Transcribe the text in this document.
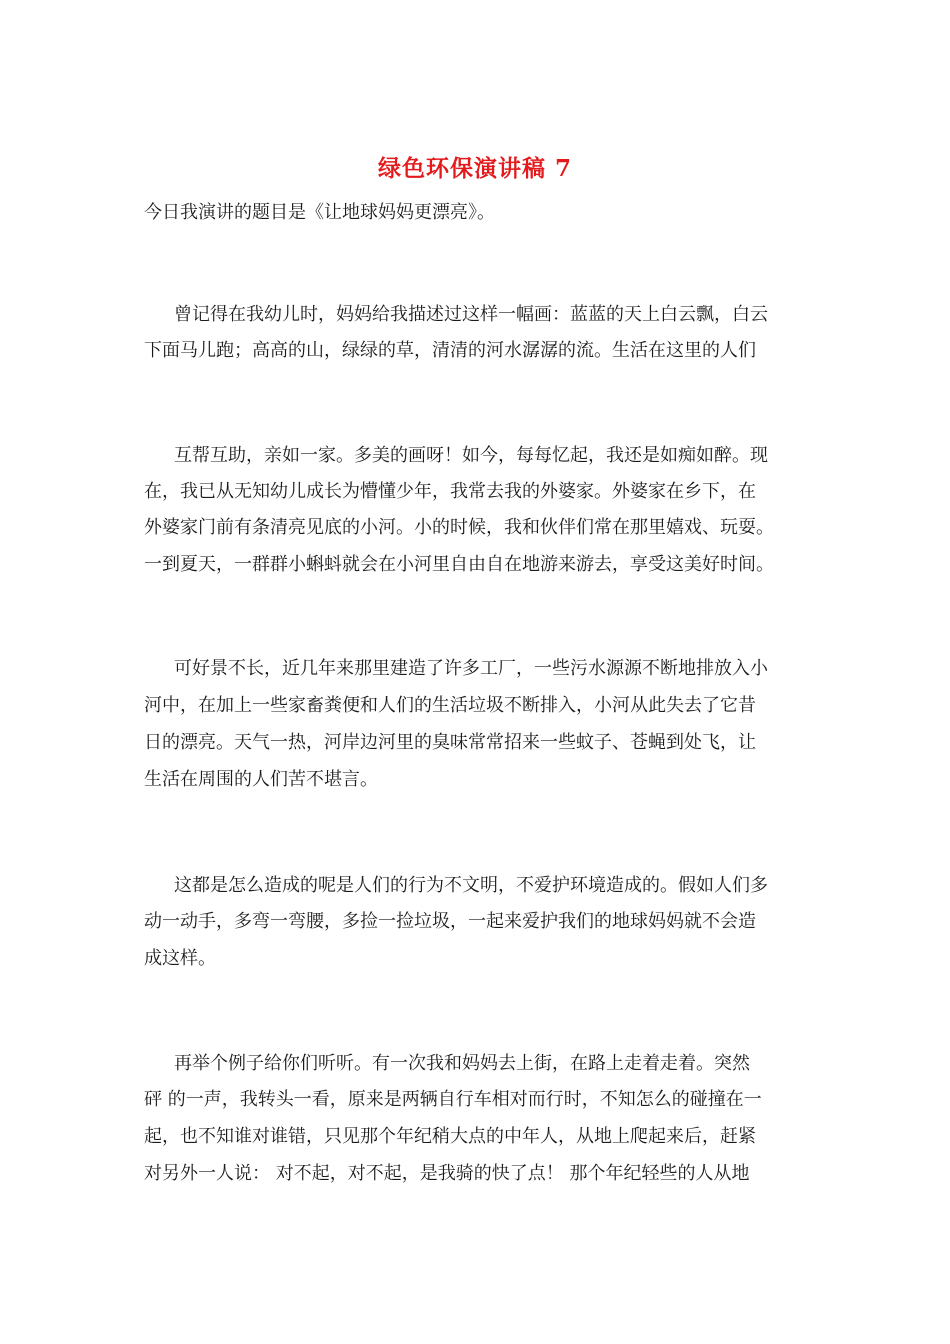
绿色环保演讲稿 7
今日我演讲的题目是《让地球妈妈更漂亮》。
曾记得在我幼儿时，妈妈给我描述过这样一幅画：蓝蓝的天上白云飘，白云
下面马儿跑；高高的山，绿绿的草，清清的河水潺潺的流。生活在这里的人们
互帮互助，亲如一家。多美的画呀！如今，每每忆起，我还是如痴如醉。现
在，我已从无知幼儿成长为懵懂少年，我常去我的外婆家。外婆家在乡下，在
外婆家门前有条清亮见底的小河。小的时候，我和伙伴们常在那里嬉戏、玩耍。
一到夏天，一群群小蝌蚪就会在小河里自由自在地游来游去，享受这美好时间。
可好景不长，近几年来那里建造了许多工厂，一些污水源源不断地排放入小
河中，在加上一些家畜粪便和人们的生活垃圾不断排入，小河从此失去了它昔
日的漂亮。天气一热，河岸边河里的臭味常常招来一些蚊子、苍蝇到处飞，让
生活在周围的人们苦不堪言。
这都是怎么造成的呢是人们的行为不文明，不爱护环境造成的。假如人们多
动一动手，多弯一弯腰，多捡一捡垃圾，一起来爱护我们的地球妈妈就不会造
成这样。
再举个例子给你们听听。有一次我和妈妈去上街，在路上走着走着。突然
砰 的一声，我转头一看，原来是两辆自行车相对而行时，不知怎么的碰撞在一
起，也不知谁对谁错，只见那个年纪稍大点的中年人，从地上爬起来后，赶紧
对另外一人说： 对不起，对不起，是我骑的快了点！ 那个年纪轻些的人从地
